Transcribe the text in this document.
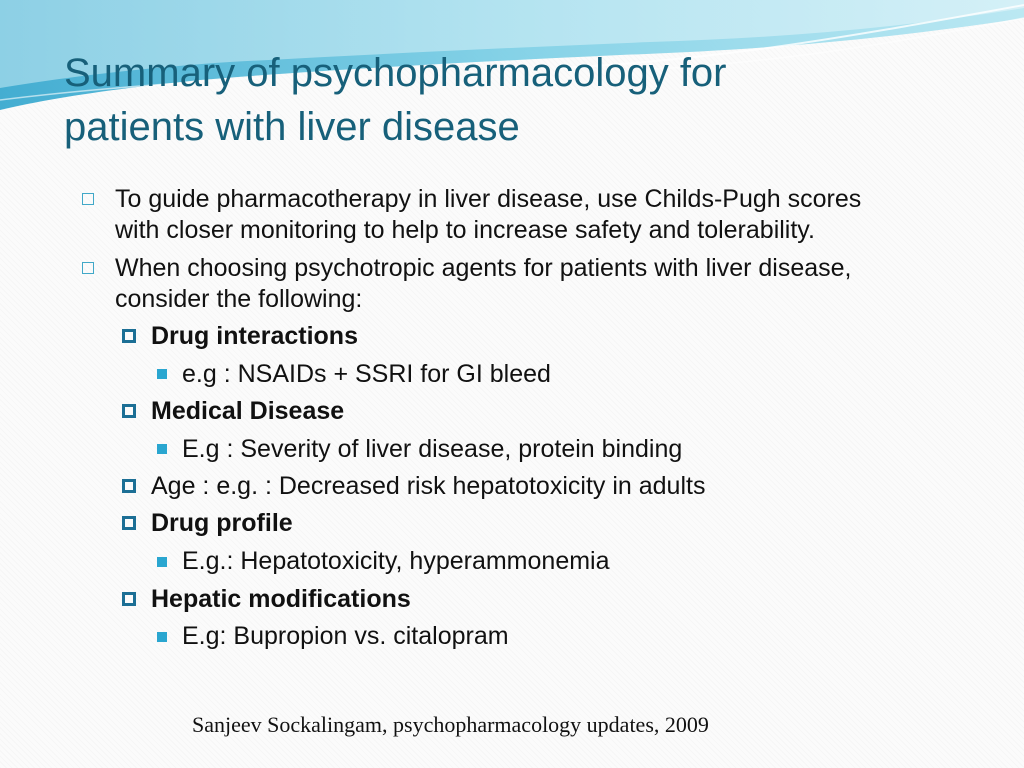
Summary of psychopharmacology for
patients with liver disease
To guide pharmacotherapy in liver disease, use Childs-Pugh scores
with closer monitoring to help to increase safety and tolerability.
When choosing psychotropic agents for patients with liver disease,
consider the following:
Drug interactions
e.g : NSAIDs + SSRI for GI bleed
Medical Disease
E.g : Severity of liver disease, protein binding
Age : e.g. : Decreased risk hepatotoxicity in adults
Drug profile
E.g.: Hepatotoxicity, hyperammonemia
Hepatic modifications
E.g: Bupropion vs. citalopram
Sanjeev Sockalingam, psychopharmacology updates, 2009
